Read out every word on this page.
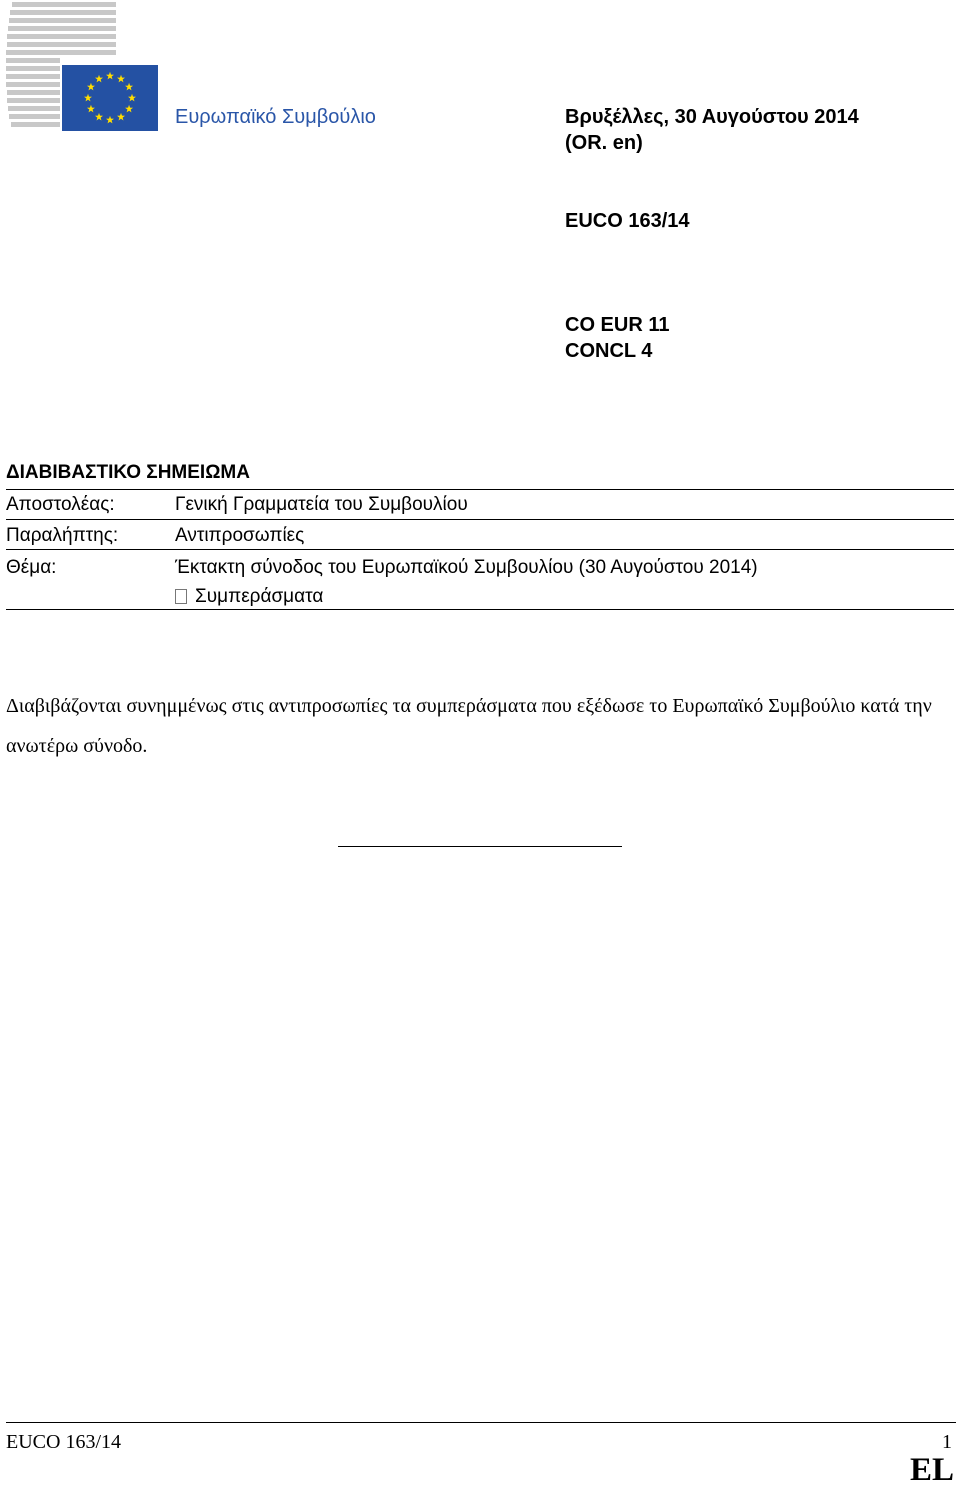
Ευρωπαϊκό Συμβούλιο	Βρυξέλλες, 30 Αυγούστου 2014
(OR. en)
EUCO 163/14
CO EUR 11
CONCL 4
ΔΙΑΒΙΒΑΣΤΙΚΟ ΣΗΜΕΙΩΜΑ
Αποστολέας:	Γενική Γραμματεία του Συμβουλίου
Παραλήπτης:	Αντιπροσωπίες
Θέμα:	Έκτακτη σύνοδος του Ευρωπαϊκού Συμβουλίου (30 Αυγούστου 2014)
Συμπεράσματα
Διαβιβάζονται συνημμένως στις αντιπροσωπίες τα συμπεράσματα που εξέδωσε το Ευρωπαϊκό Συμβούλιο κατά την ανωτέρω σύνοδο.
EUCO 163/14	1
EL
